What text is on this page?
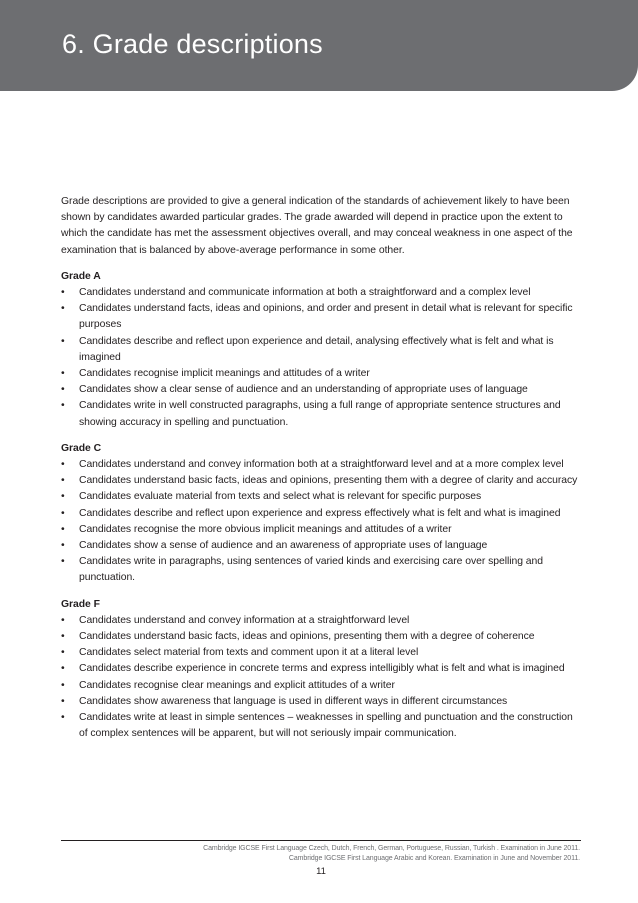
6. Grade descriptions

Grade descriptions are provided to give a general indication of the standards of achievement likely to have been shown by candidates awarded particular grades. The grade awarded will depend in practice upon the extent to which the candidate has met the assessment objectives overall, and may conceal weakness in one aspect of the examination that is balanced by above-average performance in some other.

Grade A
• Candidates understand and communicate information at both a straightforward and a complex level
• Candidates understand facts, ideas and opinions, and order and present in detail what is relevant for specific purposes
• Candidates describe and reflect upon experience and detail, analysing effectively what is felt and what is imagined
• Candidates recognise implicit meanings and attitudes of a writer
• Candidates show a clear sense of audience and an understanding of appropriate uses of language
• Candidates write in well constructed paragraphs, using a full range of appropriate sentence structures and showing accuracy in spelling and punctuation.
Grade C
• Candidates understand and convey information both at a straightforward level and at a more complex level
• Candidates understand basic facts, ideas and opinions, presenting them with a degree of clarity and accuracy
• Candidates evaluate material from texts and select what is relevant for specific purposes
• Candidates describe and reflect upon experience and express effectively what is felt and what is imagined
• Candidates recognise the more obvious implicit meanings and attitudes of a writer
• Candidates show a sense of audience and an awareness of appropriate uses of language
• Candidates write in paragraphs, using sentences of varied kinds and exercising care over spelling and punctuation.
Grade F
• Candidates understand and convey information at a straightforward level
• Candidates understand basic facts, ideas and opinions, presenting them with a degree of coherence
• Candidates select material from texts and comment upon it at a literal level
• Candidates describe experience in concrete terms and express intelligibly what is felt and what is imagined
• Candidates recognise clear meanings and explicit attitudes of a writer
• Candidates show awareness that language is used in different ways in different circumstances
• Candidates write at least in simple sentences – weaknesses in spelling and punctuation and the construction of complex sentences will be apparent, but will not seriously impair communication.
Cambridge IGCSE First Language Czech, Dutch, French, German, Portuguese, Russian, Turkish . Examination in June 2011.
Cambridge IGCSE First Language Arabic and Korean. Examination in June and November 2011.
11
